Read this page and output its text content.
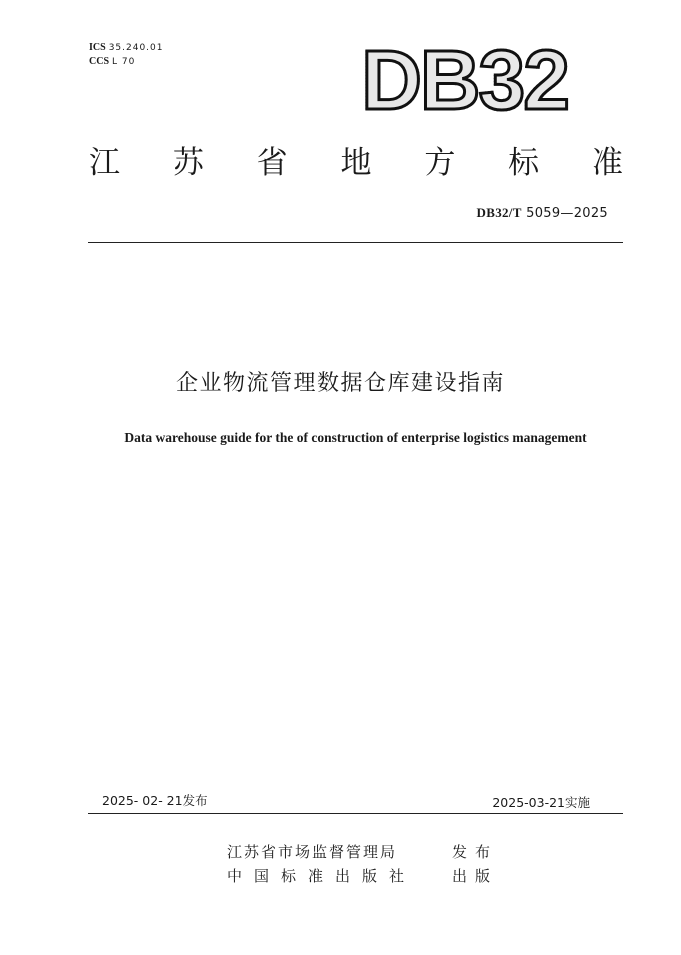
ICS 35.240.01
CCS L 70	DB32
江 苏 省 地 方 标 准
DB32/T 5059—2025
企业物流管理数据仓库建设指南
Data warehouse guide for the of construction of enterprise logistics management
2025- 02- 21发布	2025-03-21实施
江苏省市场监督管理局	发布
中国标准出版社	出版
